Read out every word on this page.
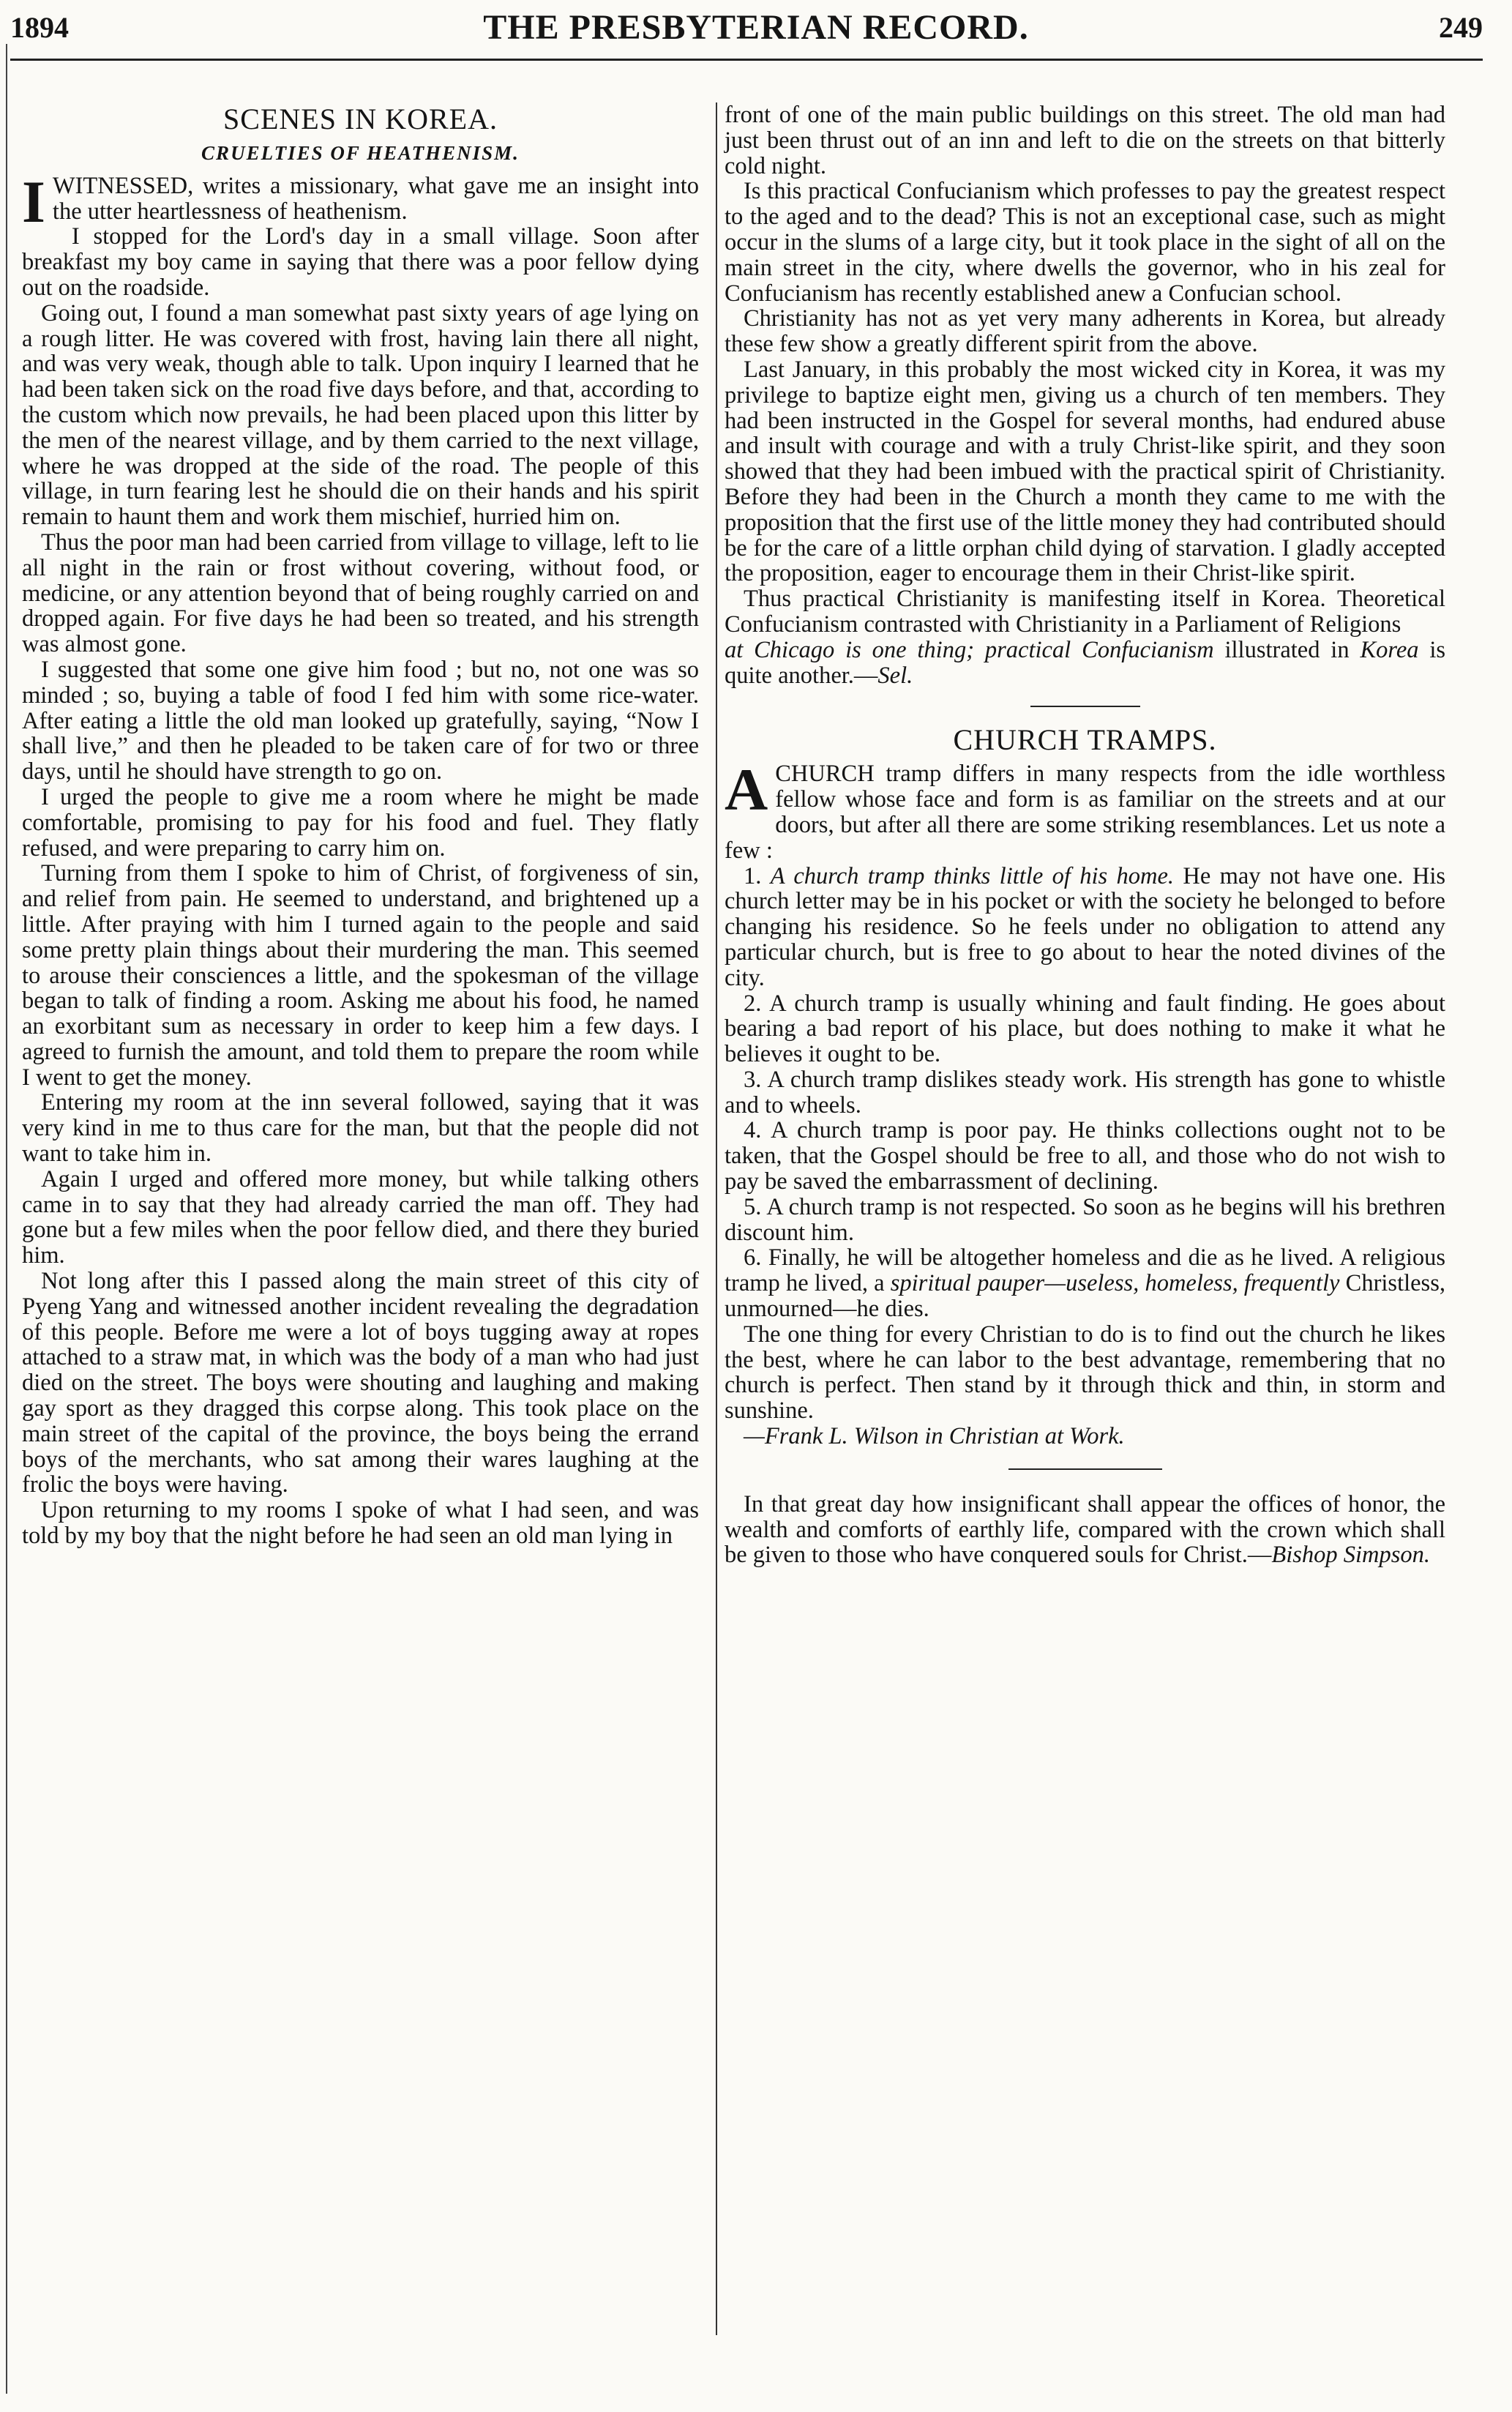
1894	THE PRESBYTERIAN RECORD.	249
SCENES IN KOREA.
CRUELTIES OF HEATHENISM.

IWITNESSED, writes a missionary, what gave me an insight into the utter heartlessness of heathenism.

I stopped for the Lord's day in a small village. Soon after breakfast my boy came in saying that there was a poor fellow dying out on the roadside.

Going out, I found a man somewhat past sixty years of age lying on a rough litter. He was covered with frost, having lain there all night, and was very weak, though able to talk. Upon inquiry I learned that he had been taken sick on the road five days before, and that, according to the custom which now prevails, he had been placed upon this litter by the men of the nearest village, and by them carried to the next village, where he was dropped at the side of the road. The people of this village, in turn fearing lest he should die on their hands and his spirit remain to haunt them and work them mischief, hurried him on.

Thus the poor man had been carried from village to village, left to lie all night in the rain or frost without covering, without food, or medicine, or any attention beyond that of being roughly carried on and dropped again. For five days he had been so treated, and his strength was almost gone.

I suggested that some one give him food ; but no, not one was so minded ; so, buying a table of food I fed him with some rice-water. After eating a little the old man looked up gratefully, saying, “Now I shall live,” and then he pleaded to be taken care of for two or three days, until he should have strength to go on.

I urged the people to give me a room where he might be made comfortable, promising to pay for his food and fuel. They flatly refused, and were preparing to carry him on.

Turning from them I spoke to him of Christ, of forgiveness of sin, and relief from pain. He seemed to understand, and brightened up a little. After praying with him I turned again to the people and said some pretty plain things about their murdering the man. This seemed to arouse their consciences a little, and the spokesman of the village began to talk of finding a room. Asking me about his food, he named an exorbitant sum as necessary in order to keep him a few days. I agreed to furnish the amount, and told them to prepare the room while I went to get the money.

Entering my room at the inn several followed, saying that it was very kind in me to thus care for the man, but that the people did not want to take him in.

Again I urged and offered more money, but while talking others came in to say that they had already carried the man off. They had gone but a few miles when the poor fellow died, and there they buried him.

Not long after this I passed along the main street of this city of Pyeng Yang and witnessed another incident revealing the degradation of this people. Before me were a lot of boys tugging away at ropes attached to a straw mat, in which was the body of a man who had just died on the street. The boys were shouting and laughing and making gay sport as they dragged this corpse along. This took place on the main street of the capital of the province, the boys being the errand boys of the merchants, who sat among their wares laughing at the frolic the boys were having.

Upon returning to my rooms I spoke of what I had seen, and was told by my boy that the night before he had seen an old man lying in

front of one of the main public buildings on this street. The old man had just been thrust out of an inn and left to die on the streets on that bitterly cold night.

Is this practical Confucianism which professes to pay the greatest respect to the aged and to the dead? This is not an exceptional case, such as might occur in the slums of a large city, but it took place in the sight of all on the main street in the city, where dwells the governor, who in his zeal for Confucianism has recently established anew a Confucian school.

Christianity has not as yet very many adherents in Korea, but already these few show a greatly different spirit from the above.

Last January, in this probably the most wicked city in Korea, it was my privilege to baptize eight men, giving us a church of ten members. They had been instructed in the Gospel for several months, had endured abuse and insult with courage and with a truly Christ-like spirit, and they soon showed that they had been imbued with the practical spirit of Christianity. Before they had been in the Church a month they came to me with the proposition that the first use of the little money they had contributed should be for the care of a little orphan child dying of starvation. I gladly accepted the proposition, eager to encourage them in their Christ-like spirit.

Thus practical Christianity is manifesting itself in Korea. Theoretical Confucianism contrasted with Christianity in a Parliament of Religions

at Chicago is one thing; practical Confucianism illustrated in Korea is quite another.—Sel.

CHURCH TRAMPS.

ACHURCH tramp differs in many respects from the idle worthless fellow whose face and form is as familiar on the streets and at our doors, but after all there are some striking resemblances. Let us note a few :

1. A church tramp thinks little of his home. He may not have one. His church letter may be in his pocket or with the society he belonged to before changing his residence. So he feels under no obligation to attend any particular church, but is free to go about to hear the noted divines of the city.

2. A church tramp is usually whining and fault finding. He goes about bearing a bad report of his place, but does nothing to make it what he believes it ought to be.

3. A church tramp dislikes steady work. His strength has gone to whistle and to wheels.

4. A church tramp is poor pay. He thinks collections ought not to be taken, that the Gospel should be free to all, and those who do not wish to pay be saved the embarrassment of declining.

5. A church tramp is not respected. So soon as he begins will his brethren discount him.

6. Finally, he will be altogether homeless and die as he lived. A religious tramp he lived, a spiritual pauper—useless, homeless, frequently Christless, unmourned—he dies.

The one thing for every Christian to do is to find out the church he likes the best, where he can labor to the best advantage, remembering that no church is perfect. Then stand by it through thick and thin, in storm and sunshine.

—Frank L. Wilson in Christian at Work.

In that great day how insignificant shall appear the offices of honor, the wealth and comforts of earthly life, compared with the crown which shall be given to those who have conquered souls for Christ.—Bishop Simpson.
